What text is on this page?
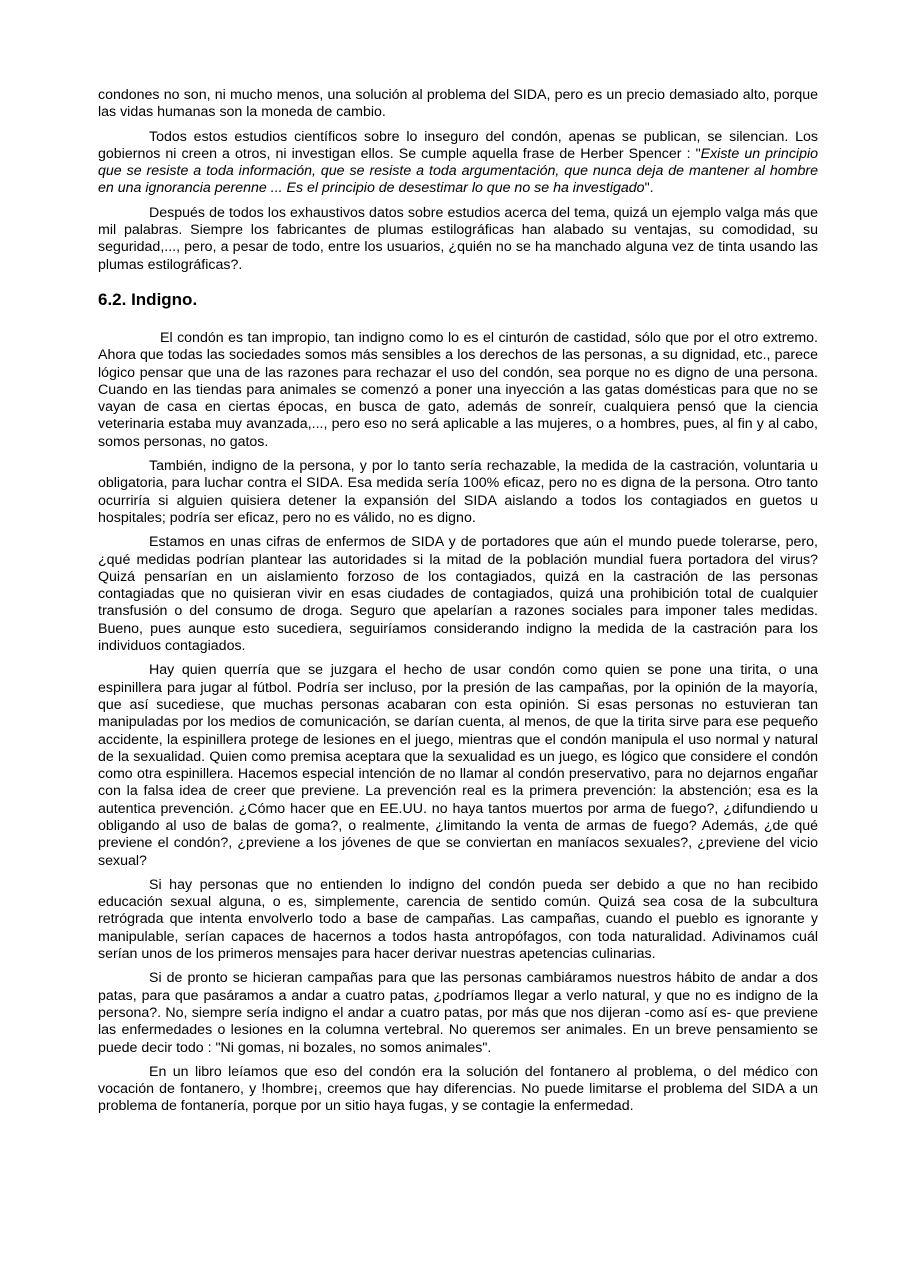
condones no son, ni mucho menos, una solución al problema del SIDA, pero es un precio demasiado alto, porque las vidas humanas son la moneda de cambio.

Todos estos estudios científicos sobre lo inseguro del condón, apenas se publican, se silencian. Los gobiernos ni creen a otros, ni investigan ellos. Se cumple aquella frase de Herber Spencer : "Existe un principio que se resiste a toda información, que se resiste a toda argumentación, que nunca deja de mantener al hombre en una ignorancia perenne ... Es el principio de desestimar lo que no se ha investigado".

Después de todos los exhaustivos datos sobre estudios acerca del tema, quizá un ejemplo valga más que mil palabras. Siempre los fabricantes de plumas estilográficas han alabado su ventajas, su comodidad, su seguridad,..., pero, a pesar de todo, entre los usuarios, ¿quién no se ha manchado alguna vez de tinta usando las plumas estilográficas?.

6.2. Indigno.

El condón es tan impropio, tan indigno como lo es el cinturón de castidad, sólo que por el otro extremo. Ahora que todas las sociedades somos más sensibles a los derechos de las personas, a su dignidad, etc., parece lógico pensar que una de las razones para rechazar el uso del condón, sea porque no es digno de una persona. Cuando en las tiendas para animales se comenzó a poner una inyección a las gatas domésticas para que no se vayan de casa en ciertas épocas, en busca de gato, además de sonreír, cualquiera pensó que la ciencia veterinaria estaba muy avanzada,..., pero eso no será aplicable a las mujeres, o a hombres, pues, al fin y al cabo, somos personas, no gatos.

También, indigno de la persona, y por lo tanto sería rechazable, la medida de la castración, voluntaria u obligatoria, para luchar contra el SIDA. Esa medida sería 100% eficaz, pero no es digna de la persona. Otro tanto ocurriría si alguien quisiera detener la expansión del SIDA aislando a todos los contagiados en guetos u hospitales; podría ser eficaz, pero no es válido, no es digno.

Estamos en unas cifras de enfermos de SIDA y de portadores que aún el mundo puede tolerarse, pero, ¿qué medidas podrían plantear las autoridades si la mitad de la población mundial fuera portadora del virus? Quizá pensarían en un aislamiento forzoso de los contagiados, quizá en la castración de las personas contagiadas que no quisieran vivir en esas ciudades de contagiados, quizá una prohibición total de cualquier transfusión o del consumo de droga. Seguro que apelarían a razones sociales para imponer tales medidas. Bueno, pues aunque esto sucediera, seguiríamos considerando indigno la medida de la castración para los individuos contagiados.

Hay quien querría que se juzgara el hecho de usar condón como quien se pone una tirita, o una espinillera para jugar al fútbol. Podría ser incluso, por la presión de las campañas, por la opinión de la mayoría, que así sucediese, que muchas personas acabaran con esta opinión. Si esas personas no estuvieran tan manipuladas por los medios de comunicación, se darían cuenta, al menos, de que la tirita sirve para ese pequeño accidente, la espinillera protege de lesiones en el juego, mientras que el condón manipula el uso normal y natural de la sexualidad. Quien como premisa aceptara que la sexualidad es un juego, es lógico que considere el condón como otra espinillera. Hacemos especial intención de no llamar al condón preservativo, para no dejarnos engañar con la falsa idea de creer que previene. La prevención real es la primera prevención: la abstención; esa es la autentica prevención. ¿Cómo hacer que en EE.UU. no haya tantos muertos por arma de fuego?, ¿difundiendo u obligando al uso de balas de goma?, o realmente, ¿limitando la venta de armas de fuego? Además, ¿de qué previene el condón?, ¿previene a los jóvenes de que se conviertan en maníacos sexuales?, ¿previene del vicio sexual?

Si hay personas que no entienden lo indigno del condón pueda ser debido a que no han recibido educación sexual alguna, o es, simplemente, carencia de sentido común. Quizá sea cosa de la subcultura retrógrada que intenta envolverlo todo a base de campañas. Las campañas, cuando el pueblo es ignorante y manipulable, serían capaces de hacernos a todos hasta antropófagos, con toda naturalidad. Adivinamos cuál serían unos de los primeros mensajes para hacer derivar nuestras apetencias culinarias.

Si de pronto se hicieran campañas para que las personas cambiáramos nuestros hábito de andar a dos patas, para que pasáramos a andar a cuatro patas, ¿podríamos llegar a verlo natural, y que no es indigno de la persona?. No, siempre sería indigno el andar a cuatro patas, por más que nos dijeran -como así es- que previene las enfermedades o lesiones en la columna vertebral. No queremos ser animales. En un breve pensamiento se puede decir todo : "Ni gomas, ni bozales, no somos animales".

En un libro leíamos que eso del condón era la solución del fontanero al problema, o del médico con vocación de fontanero, y !hombre¡, creemos que hay diferencias. No puede limitarse el problema del SIDA a un problema de fontanería, porque por un sitio haya fugas, y se contagie la enfermedad.
